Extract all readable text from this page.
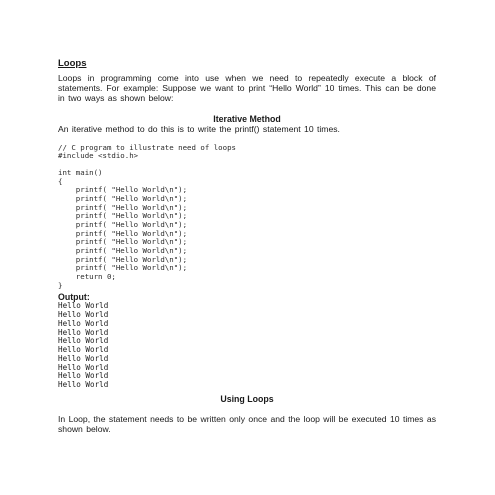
Loops

Loops in programming come into use when we need to repeatedly execute a block of statements. For example: Suppose we want to print “Hello World” 10 times. This can be done in two ways as shown below:

Iterative Method

An iterative method to do this is to write the printf() statement 10 times.

// C program to illustrate need of loops
#include <stdio.h>
int main()
{
printf( "Hello World\n");
printf( "Hello World\n");
printf( "Hello World\n");
printf( "Hello World\n");
printf( "Hello World\n");
printf( "Hello World\n");
printf( "Hello World\n");
printf( "Hello World\n");
printf( "Hello World\n");
printf( "Hello World\n");
return 0;
}

Output:

Hello World
Hello World
Hello World
Hello World
Hello World
Hello World
Hello World
Hello World
Hello World
Hello World

Using Loops

In Loop, the statement needs to be written only once and the loop will be executed 10 times as shown below.
